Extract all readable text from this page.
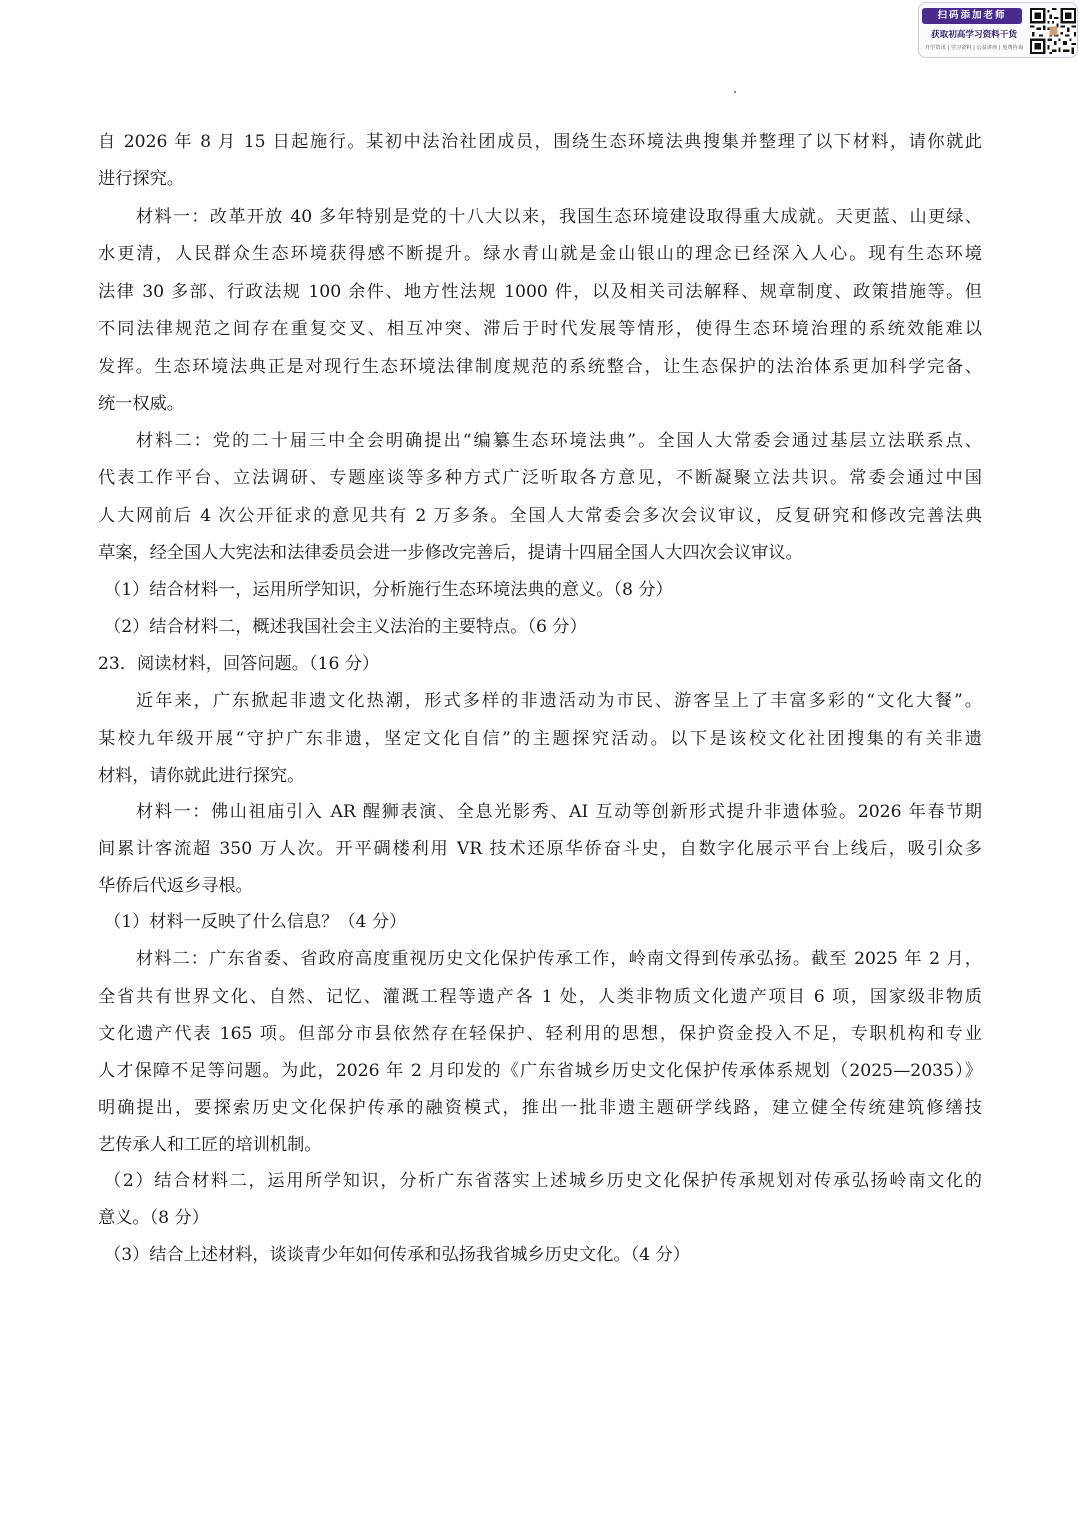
扫码添加老师
获取初高学习资料干货
升学资讯 | 学习资料 | 公益讲座 | 免费咨询
自 2026 年 8 月 15 日起施行。某初中法治社团成员，围绕生态环境法典搜集并整理了以下材料，请你就此
进行探究。
材料一：改革开放 40 多年特别是党的十八大以来，我国生态环境建设取得重大成就。天更蓝、山更绿、
水更清，人民群众生态环境获得感不断提升。绿水青山就是金山银山的理念已经深入人心。现有生态环境
法律 30 多部、行政法规 100 余件、地方性法规 1000 件，以及相关司法解释、规章制度、政策措施等。但
不同法律规范之间存在重复交叉、相互冲突、滞后于时代发展等情形，使得生态环境治理的系统效能难以
发挥。生态环境法典正是对现行生态环境法律制度规范的系统整合，让生态保护的法治体系更加科学完备、
统一权威。
材料二：党的二十届三中全会明确提出“编纂生态环境法典”。全国人大常委会通过基层立法联系点、
代表工作平台、立法调研、专题座谈等多种方式广泛听取各方意见，不断凝聚立法共识。常委会通过中国
人大网前后 4 次公开征求的意见共有 2 万多条。全国人大常委会多次会议审议，反复研究和修改完善法典
草案，经全国人大宪法和法律委员会进一步修改完善后，提请十四届全国人大四次会议审议。
（1）结合材料一，运用所学知识，分析施行生态环境法典的意义。（8 分）
（2）结合材料二，概述我国社会主义法治的主要特点。（6 分）
23．阅读材料，回答问题。（16 分）
近年来，广东掀起非遗文化热潮，形式多样的非遗活动为市民、游客呈上了丰富多彩的“文化大餐”。
某校九年级开展“守护广东非遗，坚定文化自信”的主题探究活动。以下是该校文化社团搜集的有关非遗
材料，请你就此进行探究。
材料一：佛山祖庙引入 AR 醒狮表演、全息光影秀、AI 互动等创新形式提升非遗体验。2026 年春节期
间累计客流超 350 万人次。开平碉楼利用 VR 技术还原华侨奋斗史，自数字化展示平台上线后，吸引众多
华侨后代返乡寻根。
（1）材料一反映了什么信息？（4 分）
材料二：广东省委、省政府高度重视历史文化保护传承工作，岭南文得到传承弘扬。截至 2025 年 2 月，
全省共有世界文化、自然、记忆、灌溉工程等遗产各 1 处，人类非物质文化遗产项目 6 项，国家级非物质
文化遗产代表 165 项。但部分市县依然存在轻保护、轻利用的思想，保护资金投入不足，专职机构和专业
人才保障不足等问题。为此，2026 年 2 月印发的《广东省城乡历史文化保护传承体系规划（2025—2035）》
明确提出，要探索历史文化保护传承的融资模式，推出一批非遗主题研学线路，建立健全传统建筑修缮技
艺传承人和工匠的培训机制。
（2）结合材料二，运用所学知识，分析广东省落实上述城乡历史文化保护传承规划对传承弘扬岭南文化的
意义。（8 分）
（3）结合上述材料，谈谈青少年如何传承和弘扬我省城乡历史文化。（4 分）
